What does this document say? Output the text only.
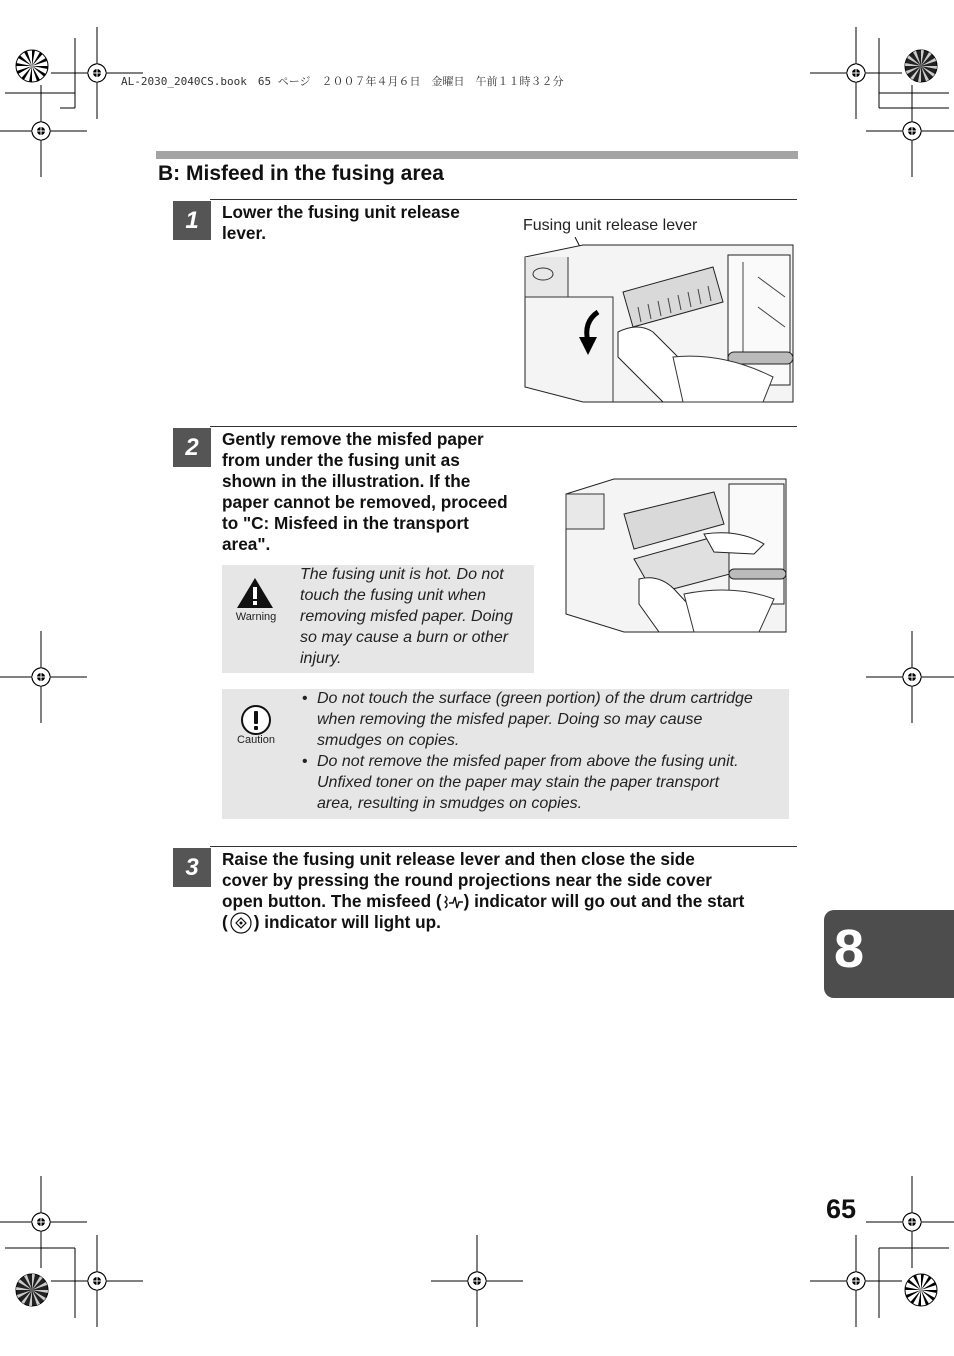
AL-2030_2040CS.book　65 ページ　２００７年４月６日　金曜日　午前１１時３２分
B: Misfeed in the fusing area
1	Lower the fusing unit release
lever.	Fusing unit release lever
2	Gently remove the misfed paper
from under the fusing unit as
shown in the illustration. If the
paper cannot be removed, proceed
to "C: Misfeed in the transport
area".
Warning
The fusing unit is hot. Do not
touch the fusing unit when
removing misfed paper. Doing
so may cause a burn or other
injury.
Caution
• Do not touch the surface (green portion) of the drum cartridge
when removing the misfed paper. Doing so may cause
smudges on copies.
• Do not remove the misfed paper from above the fusing unit.
Unfixed toner on the paper may stain the paper transport
area, resulting in smudges on copies.
3	Raise the fusing unit release lever and then close the side
cover by pressing the round projections near the side cover
open button. The misfeed ( ) indicator will go out and the start
( ) indicator will light up.	8
65
